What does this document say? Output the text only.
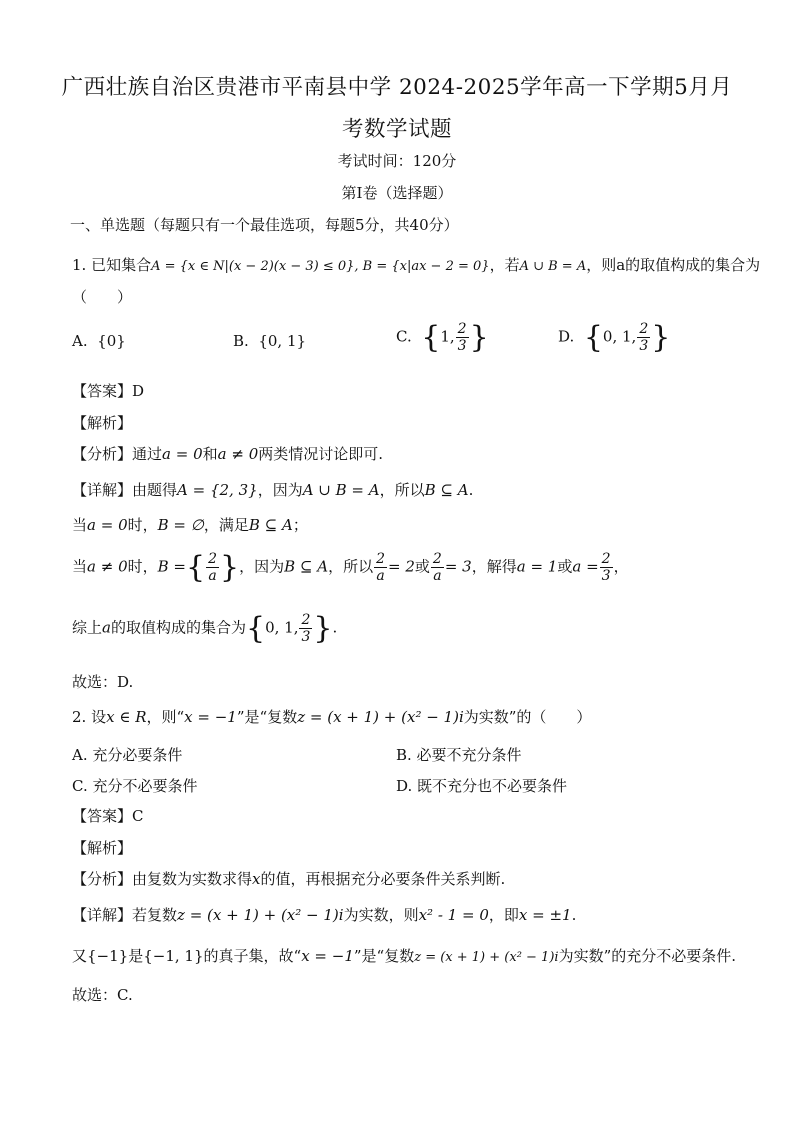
广西壮族自治区贵港市平南县中学 2024-2025学年高一下学期5月月
考数学试题
考试时间：120分
第I卷（选择题）
一、单选题（每题只有一个最佳选项，每题5分，共40分）
1. 已知集合A = {x ∈ N|(x − 2)(x − 3) ≤ 0}, B = {x|ax − 2 = 0}，若A ∪ B = A，则a的取值构成的集合为
（　　）
A. {0}	B. {0, 1}	C. {1, $\frac{2}{3}$ }	D. {0, 1, $\frac{2}{3}$ }
【答案】D
【解析】
【分析】通过a = 0和a ≠ 0两类情况讨论即可.
【详解】由题得A = {2, 3}，因为A ∪ B = A，所以B ⊆ A.
当a = 0时，B = ∅，满足B ⊆ A；
当a ≠ 0时，B ={ $\frac{2}{a}$ }，因为B ⊆ A，所以 $\frac{2}{a} = 2$或 $\frac{2}{a} = 3$，解得a = 1或$a = \frac{2}{3}$ ，
综上a的取值构成的集合为{0, 1, $\frac{2}{3}$ }.
故选：D.
2. 设x ∈ R，则“x = −1”是“复数z = (x + 1) + (x² − 1)i为实数”的（　　）
A. 充分必要条件	B. 必要不充分条件
C. 充分不必要条件	D. 既不充分也不必要条件
【答案】C
【解析】
【分析】由复数为实数求得x的值，再根据充分必要条件关系判断.
【详解】若复数z = (x + 1) + (x² − 1)i为实数，则x² - 1 = 0，即x = ±1.
又{−1}是{−1, 1}的真子集，故“x = −1”是“复数z = (x + 1) + (x² − 1)i为实数”的充分不必要条件.
故选：C.
